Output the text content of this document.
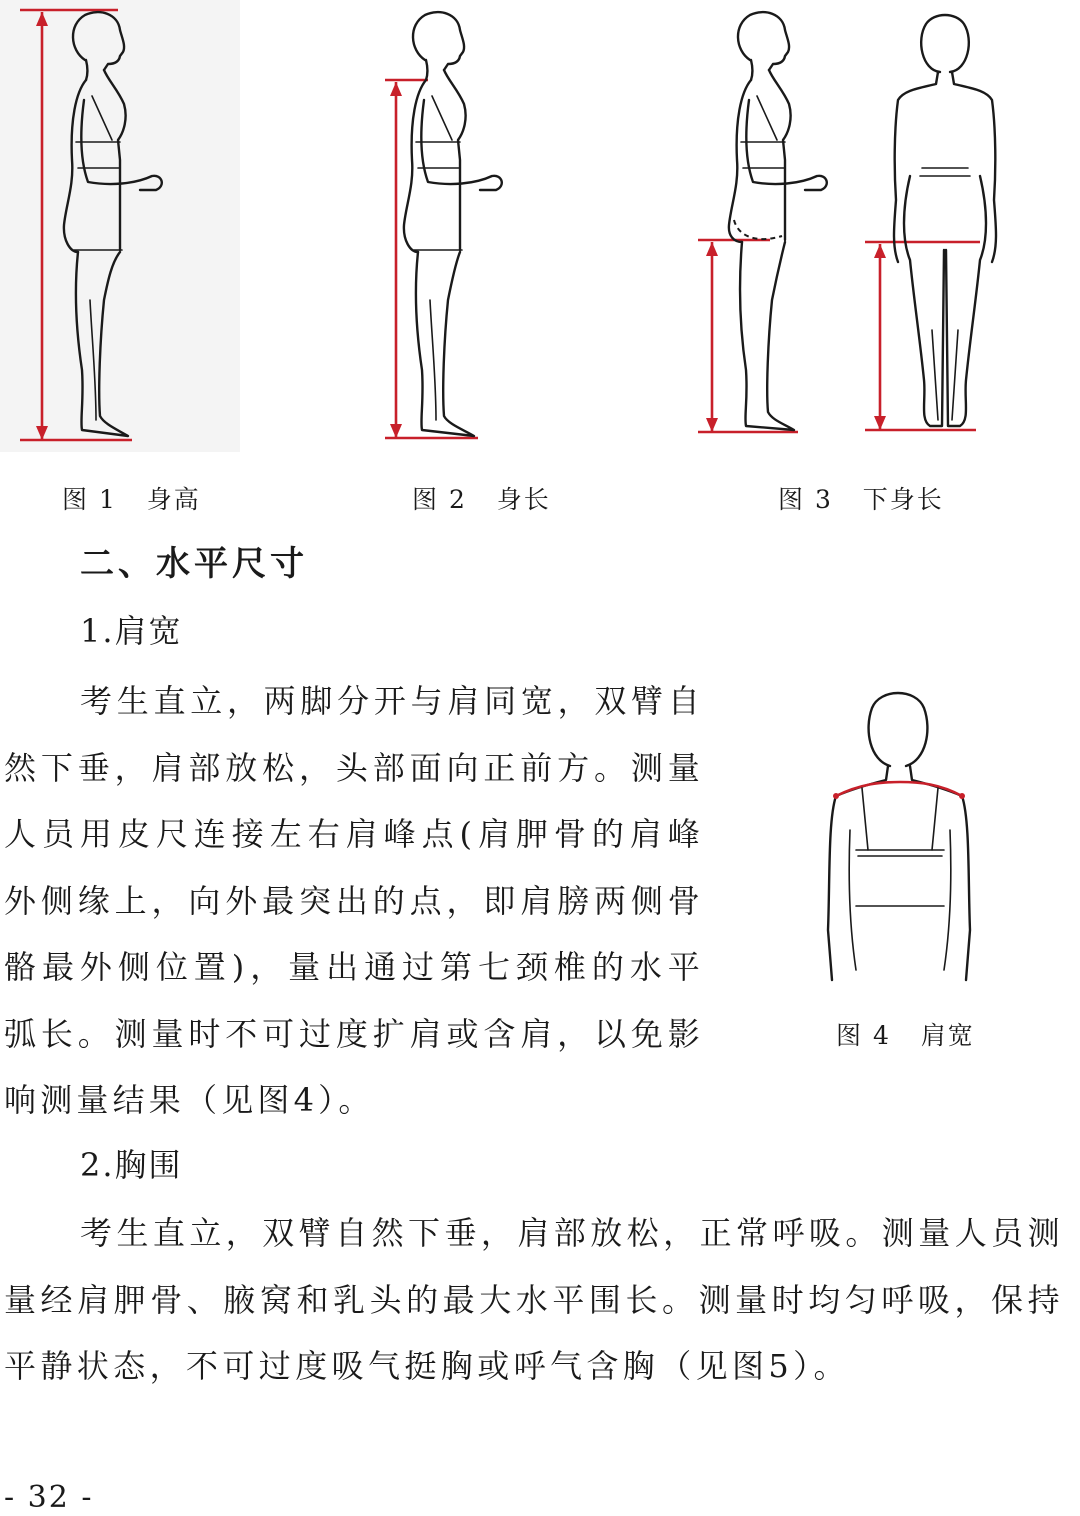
图 1 身高	图 2 身长	图 3 下身长
二、水平尺寸
1.肩宽
考生直立，两脚分开与肩同宽，双臂自然下垂，肩部放松，头部面向正前方。测量人员用皮尺连接左右肩峰点(肩胛骨的肩峰外侧缘上，向外最突出的点，即肩膀两侧骨骼最外侧位置)，量出通过第七颈椎的水平弧长。测量时不可过度扩肩或含肩，以免影响测量结果（见图4）。
图 4 肩宽
2.胸围
考生直立，双臂自然下垂，肩部放松，正常呼吸。测量人员测量经肩胛骨、腋窝和乳头的最大水平围长。测量时均匀呼吸，保持平静状态，不可过度吸气挺胸或呼气含胸（见图5）。
- 32 -
